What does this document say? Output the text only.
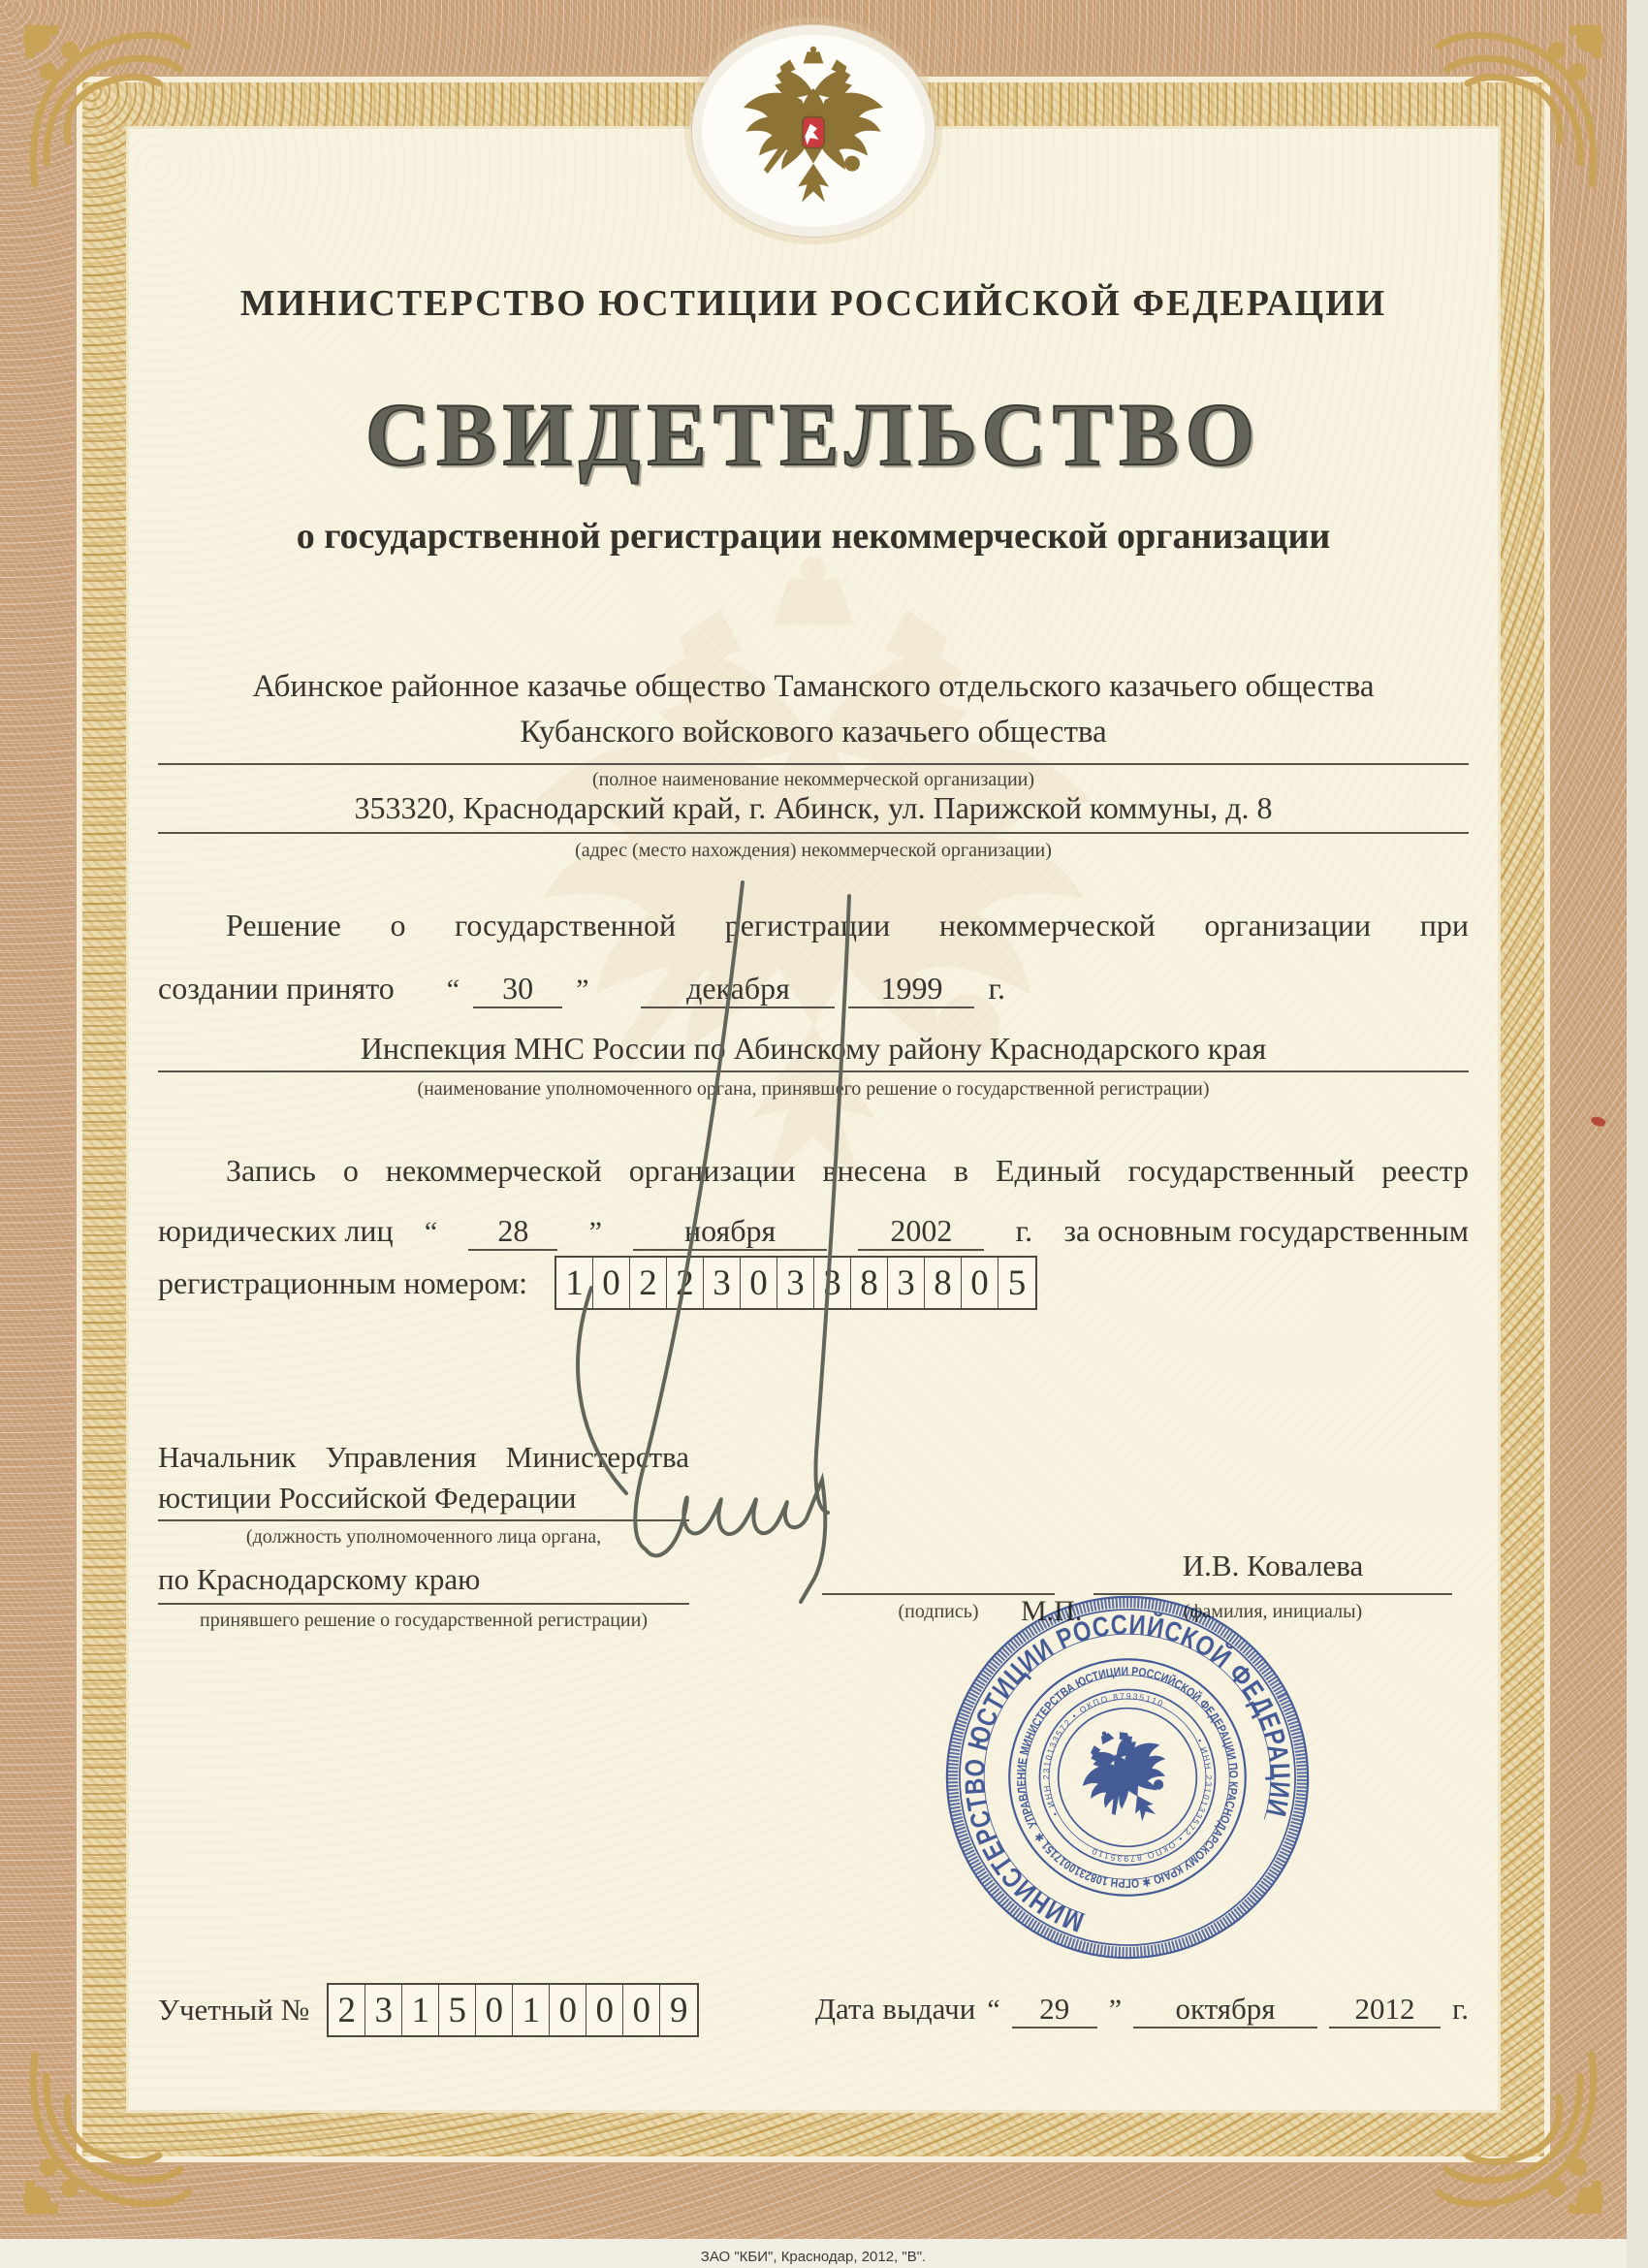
МИНИСТЕРСТВО ЮСТИЦИИ РОССИЙСКОЙ ФЕДЕРАЦИИ
СВИДЕТЕЛЬСТВО
о государственной регистрации некоммерческой организации
Абинское районное казачье общество Таманского отдельского казачьего общества
Кубанского войскового казачьего общества
(полное наименование некоммерческой организации)
353320, Краснодарский край, г. Абинск, ул. Парижской коммуны, д. 8
(адрес (место нахождения) некоммерческой организации)
Решение о государственной регистрации некоммерческой организации при
создании принято “	30	”	декабря	1999	г.
Инспекция МНС России по Абинскому району Краснодарского края
(наименование уполномоченного органа, принявшего решение о государственной регистрации)
Запись о некоммерческой организации внесена в Единый государственный реестр
юридических лиц “	28	”	ноября	2002	г. за основным государственным
регистрационным номером: 1 0 2 2 3 0 3 3 8 3 8 0 5
Начальник Управления Министерства
юстиции Российской Федерации
(должность уполномоченного лица органа,
по Краснодарскому краю
принявшего решение о государственной регистрации)
И.В. Ковалева
(подпись)	М.П.	(фамилия, инициалы)
МИНИСТЕРСТВО ЮСТИЦИИ РОССИЙСКОЙ ФЕДЕРАЦИИ
УПРАВЛЕНИЕ МИНИСТЕРСТВА ЮСТИЦИИ РОССИЙСКОЙ ФЕДЕРАЦИИ ПО КРАСНОДАРСКОМУ КРАЮ ✱ ОГРН 1082310017151 ✱
• ИНН 2310133572 • ОКПО 87935110
• ИНН 2310133572 • ОКПО 87935110
Учетный № 2 3 1 5 0 1 0 0 0 9	Дата выдачи “	29	”	октября	2012	г.
ЗАО "КБИ", Краснодар, 2012, "В".
